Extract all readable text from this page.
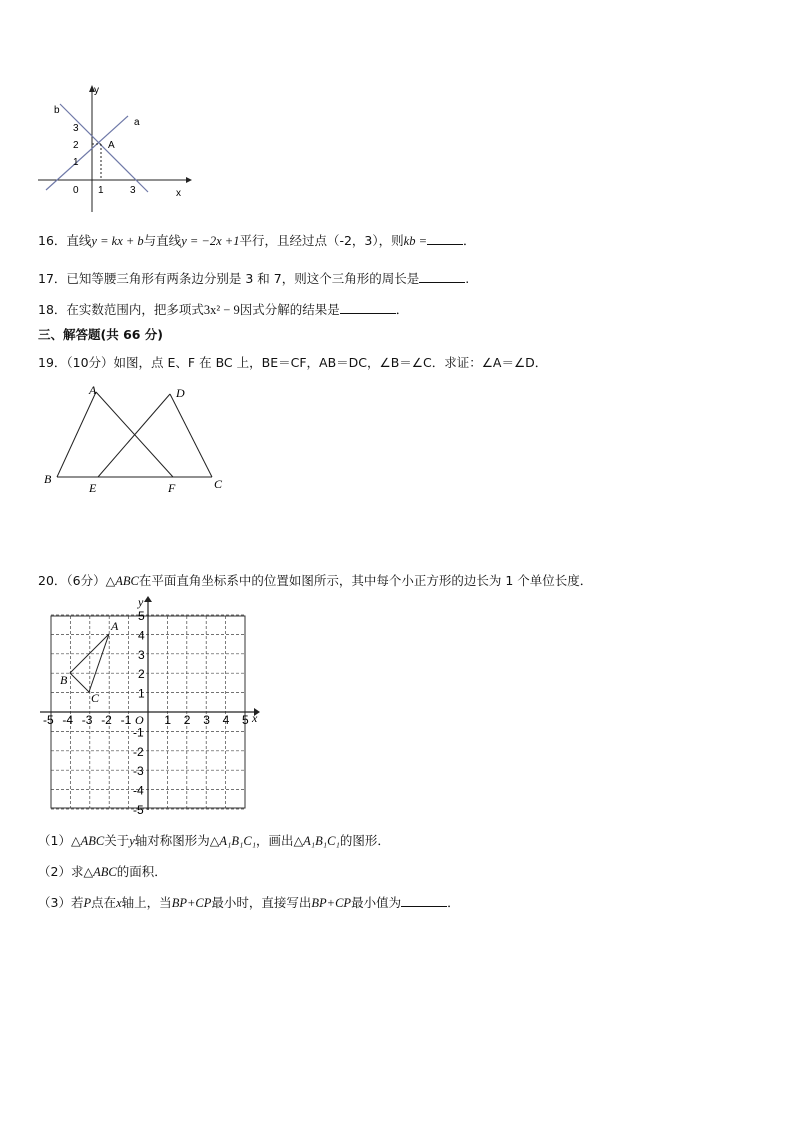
y
x
b
a
A
3
2
1
0 1	3
16．直线y = kx + b与直线y = −2x +1平行，且经过点（-2，3），则kb =	．
17．已知等腰三角形有两条边分别是 3 和 7，则这个三角形的周长是	.
18．在实数范围内，把多项式3x² − 9因式分解的结果是	．
三、解答题(共 66 分)
19．（10分）如图，点 E、F 在 BC 上，BE＝CF，AB＝DC，∠B＝∠C．求证：∠A＝∠D．
A	D
B
E	F	C
20．（6分）△ABC在平面直角坐标系中的位置如图所示，其中每个小正方形的边长为 1 个单位长度．
x
y
O
A
B
C
-5 -4 -3 -2 -1	1 2 3 4 5
5
4
3
2
1
-1
-2
-3
-4
-5
（1）△ABC关于y轴对称图形为△A₁B₁C₁，画出△A₁B₁C₁的图形．
（2）求△ABC的面积．
（3）若P点在x轴上，当BP+CP最小时，直接写出BP+CP最小值为	．
